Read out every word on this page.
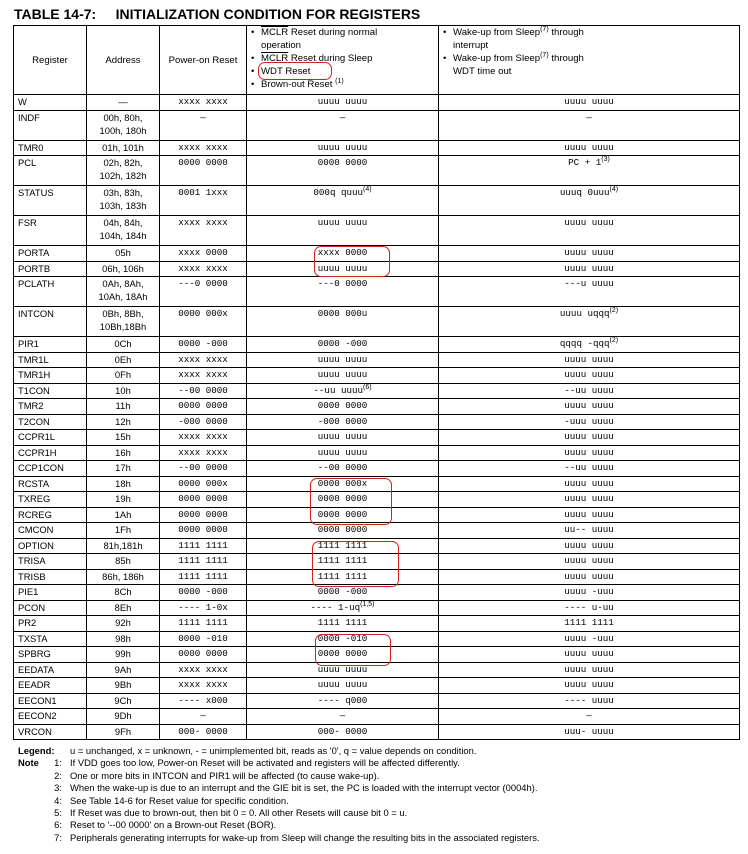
TABLE 14-7:     INITIALIZATION CONDITION FOR REGISTERS
Register	Address	Power-on Reset	• MCLR Reset during normal
operation
• MCLR Reset during Sleep
• WDT Reset
• Brown-out Reset $^{(1)}$	• Wake-up from Sleep$^{(7)}$ through
interrupt
• Wake-up from Sleep$^{(7)}$ through
WDT time out

W	—	xxxx xxxx	uuuu uuuu	uuuu uuuu
INDF	00h, 80h,
100h, 180h	—	—	—
TMR0	01h, 101h	xxxx xxxx	uuuu uuuu	uuuu uuuu
PCL	02h, 82h,
102h, 182h	0000 0000	0000 0000	PC + $1^{(3)}$
STATUS	03h, 83h,
103h, 183h	0001 1xxx	000q quuu$^{(4)}$	uuuq 0uuu$^{(4)}$
FSR	04h, 84h,
104h, 184h	xxxx xxxx	uuuu uuuu	uuuu uuuu
PORTA	05h	xxxx 0000	xxxx 0000	uuuu uuuu
PORTB	06h, 106h	xxxx xxxx	uuuu uuuu	uuuu uuuu
PCLATH	0Ah, 8Ah,
10Ah, 18Ah	---0 0000	---0 0000	---u uuuu
INTCON	0Bh, 8Bh,
10Bh,18Bh	0000 000x	0000 000u	uuuu uqqq$^{(2)}$
PIR1	0Ch	0000 -000	0000 -000	qqqq -qqq$^{(2)}$
TMR1L	0Eh	xxxx xxxx	uuuu uuuu	uuuu uuuu
TMR1H	0Fh	xxxx xxxx	uuuu uuuu	uuuu uuuu
T1CON	10h	--00 0000	--uu uuuu$^{(6)}$	--uu uuuu
TMR2	11h	0000 0000	0000 0000	uuuu uuuu
T2CON	12h	-000 0000	-000 0000	-uuu uuuu
CCPR1L	15h	xxxx xxxx	uuuu uuuu	uuuu uuuu
CCPR1H	16h	xxxx xxxx	uuuu uuuu	uuuu uuuu
CCP1CON	17h	--00 0000	--00 0000	--uu uuuu
RCSTA	18h	0000 000x	0000 000x	uuuu uuuu
TXREG	19h	0000 0000	0000 0000	uuuu uuuu
RCREG	1Ah	0000 0000	0000 0000	uuuu uuuu
CMCON	1Fh	0000 0000	0000 0000	uu-- uuuu
OPTION	81h,181h	1111 1111	1111 1111	uuuu uuuu
TRISA	85h	1111 1111	1111 1111	uuuu uuuu
TRISB	86h, 186h	1111 1111	1111 1111	uuuu uuuu
PIE1	8Ch	0000 -000	0000 -000	uuuu -uuu
PCON	8Eh	---- 1-0x	---- 1-uq$^{(1,5)}$	---- u-uu
PR2	92h	1111 1111	1111 1111	1111 1111
TXSTA	98h	0000 -010	0000 -010	uuuu -uuu
SPBRG	99h	0000 0000	0000 0000	uuuu uuuu
EEDATA	9Ah	xxxx xxxx	uuuu uuuu	uuuu uuuu
EEADR	9Bh	xxxx xxxx	uuuu uuuu	uuuu uuuu
EECON1	9Ch	---- x000	---- q000	---- uuuu
EECON2	9Dh	—	—	—
VRCON	9Fh	000- 0000	000- 0000	uuu- uuuu
Legend: u = unchanged, x = unknown, - = unimplemented bit, reads as '0', q = value depends on condition.
Note	1: If VDD goes too low, Power-on Reset will be activated and registers will be affected differently.
2: One or more bits in INTCON and PIR1 will be affected (to cause wake-up).
3: When the wake-up is due to an interrupt and the GIE bit is set, the PC is loaded with the interrupt vector (0004h).
4: See Table 14-6 for Reset value for specific condition.
5: If Reset was due to brown-out, then bit 0 = 0. All other Resets will cause bit 0 = u.
6: Reset to '--00 0000' on a Brown-out Reset (BOR).
7: Peripherals generating interrupts for wake-up from Sleep will change the resulting bits in the associated registers.
